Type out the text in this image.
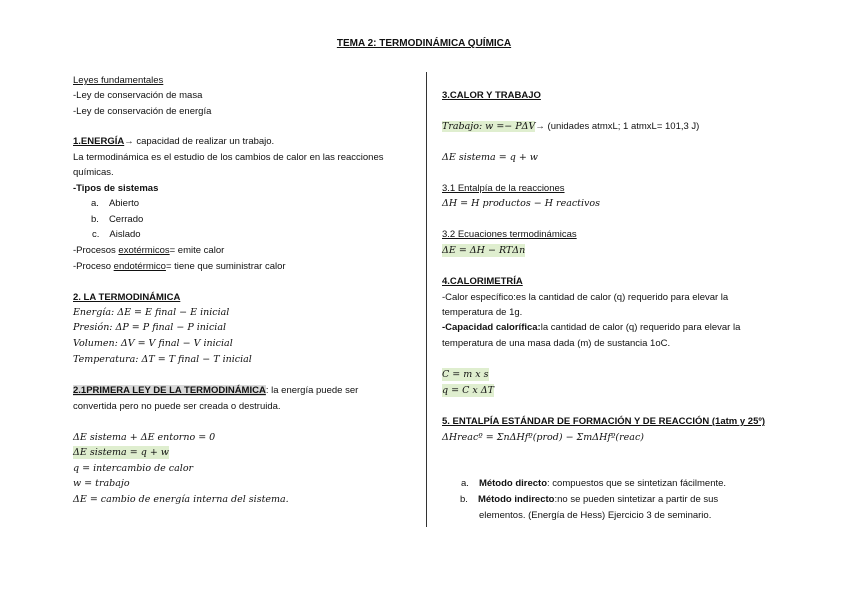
TEMA 2: TERMODINÁMICA QUÍMICA
Leyes fundamentales
-Ley de conservación de masa
-Ley de conservación de energía
1.ENERGÍA→ capacidad de realizar un trabajo.
La termodinámica es el estudio de los cambios de calor en las reacciones
químicas.
-Tipos de sistemas
a. Abierto
b. Cerrado
c. Aislado
-Procesos exotérmicos= emite calor
-Proceso endotérmico= tiene que suministrar calor
2. LA TERMODINÁMICA
Energía: ΔE = E final − E inicial
Presión: ΔP = P final − P inicial
Volumen: ΔV = V final − V inicial
Temperatura: ΔT = T final − T inicial
2.1PRIMERA LEY DE LA TERMODINÁMICA: la energía puede ser
convertida pero no puede ser creada o destruida.
ΔE sistema + ΔE entorno = 0
ΔE sistema = q + w
q = intercambio de calor
w = trabajo
ΔE = cambio de energía interna del sistema.
3.CALOR Y TRABAJO
Trabajo: w =− PΔV→ (unidades atmxL; 1 atmxL= 101,3 J)
ΔE sistema = q + w
3.1 Entalpía de la reacciones
ΔH = H productos − H reactivos
3.2 Ecuaciones termodinámicas
ΔE = ΔH − RTΔn
4.CALORIMETRÍA
-Calor específico:es la cantidad de calor (q) requerido para elevar la
temperatura de 1g.
-Capacidad calorífica:la cantidad de calor (q) requerido para elevar la
temperatura de una masa dada (m) de sustancia 1oC.
C = m x s
q = C x ΔT
5. ENTALPÍA ESTÁNDAR DE FORMACIÓN Y DE REACCIÓN (1atm y 25º)
ΔHreacº = ΣnΔHfº(prod) − ΣmΔHfº(reac)
a. Método directo: compuestos que se sintetizan fácilmente.
b. Método indirecto:no se pueden sintetizar a partir de sus
elementos. (Energía de Hess) Ejercicio 3 de seminario.
